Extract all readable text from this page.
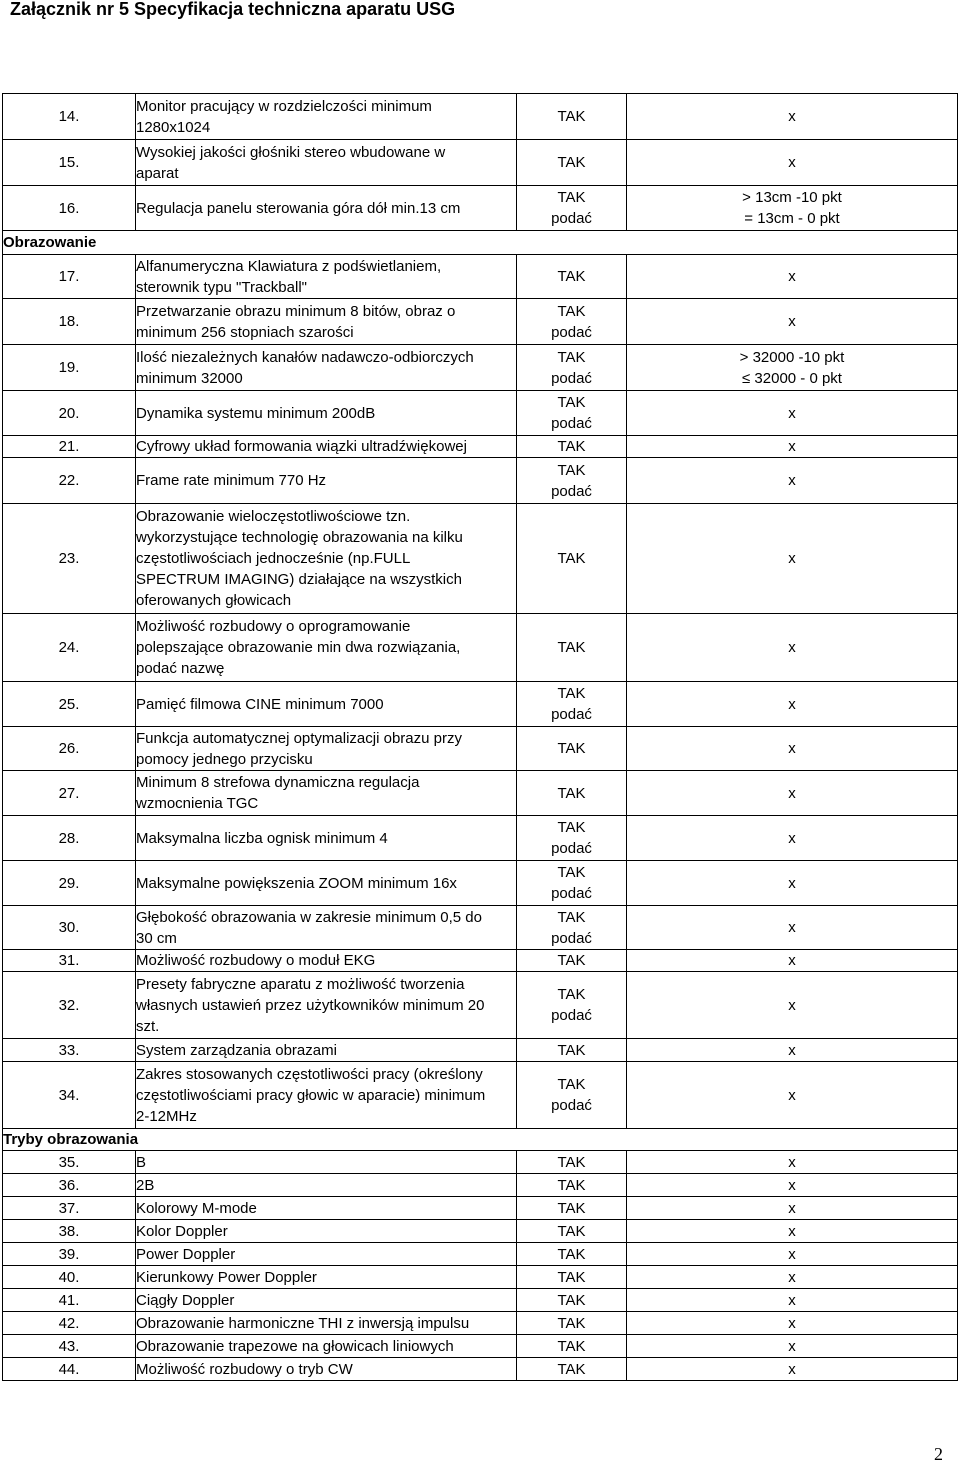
Załącznik nr 5 Specyfikacja techniczna aparatu USG
14.	Monitor pracujący w rozdzielczości minimum
1280x1024	TAK	x

15.	Wysokiej jakości głośniki stereo wbudowane w
aparat	TAK	x

16.	Regulacja panelu sterowania góra dół min.13 cm	TAK
podać	> 13cm -10 pkt
= 13cm - 0 pkt

Obrazowanie			
17.	Alfanumeryczna Klawiatura z podświetlaniem,
sterownik typu "Trackball"	TAK	x

18.	Przetwarzanie obrazu minimum 8 bitów, obraz o
minimum 256 stopniach szarości	TAK
podać	x

19.	Ilość niezależnych kanałów nadawczo-odbiorczych
minimum 32000	TAK
podać	> 32000 -10 pkt
≤ 32000 - 0 pkt

20.	Dynamika systemu minimum 200dB	TAK
podać	x

21.	Cyfrowy układ formowania wiązki ultradźwiękowej	TAK	x

22.	Frame rate minimum 770 Hz	TAK
podać	x

23.	Obrazowanie wieloczęstotliwościowe tzn.
wykorzystujące technologię obrazowania na kilku
częstotliwościach jednocześnie (np.FULL
SPECTRUM IMAGING) działające na wszystkich
oferowanych głowicach	TAK	x

24.	Możliwość rozbudowy o oprogramowanie
polepszające obrazowanie min dwa rozwiązania,
podać nazwę	TAK	x

25.	Pamięć filmowa CINE minimum 7000	TAK
podać	x

26.	Funkcja automatycznej optymalizacji obrazu przy
pomocy jednego przycisku	TAK	x

27.	Minimum 8 strefowa dynamiczna regulacja
wzmocnienia TGC	TAK	x

28.	Maksymalna liczba ognisk minimum 4	TAK
podać	x

29.	Maksymalne powiększenia ZOOM minimum 16x	TAK
podać	x

30.	Głębokość obrazowania w zakresie minimum 0,5 do
30 cm	TAK
podać	x

31.	Możliwość rozbudowy o moduł EKG	TAK	x

32.	Presety fabryczne aparatu z możliwość tworzenia
własnych ustawień przez użytkowników minimum 20
szt.	TAK
podać	x

33.	System zarządzania obrazami	TAK	x

34.	Zakres stosowanych częstotliwości pracy (określony
częstotliwościami pracy głowic w aparacie) minimum
2-12MHz	TAK
podać	x

Tryby obrazowania			
35.	B	TAK	x

36.	2B	TAK	x

37.	Kolorowy M-mode	TAK	x

38.	Kolor Doppler	TAK	x

39.	Power Doppler	TAK	x

40.	Kierunkowy Power Doppler	TAK	x

41.	Ciągły Doppler	TAK	x

42.	Obrazowanie harmoniczne THI z inwersją impulsu	TAK	x

43.	Obrazowanie trapezowe na głowicach liniowych	TAK	x

44.	Możliwość rozbudowy o tryb CW	TAK	x
2
